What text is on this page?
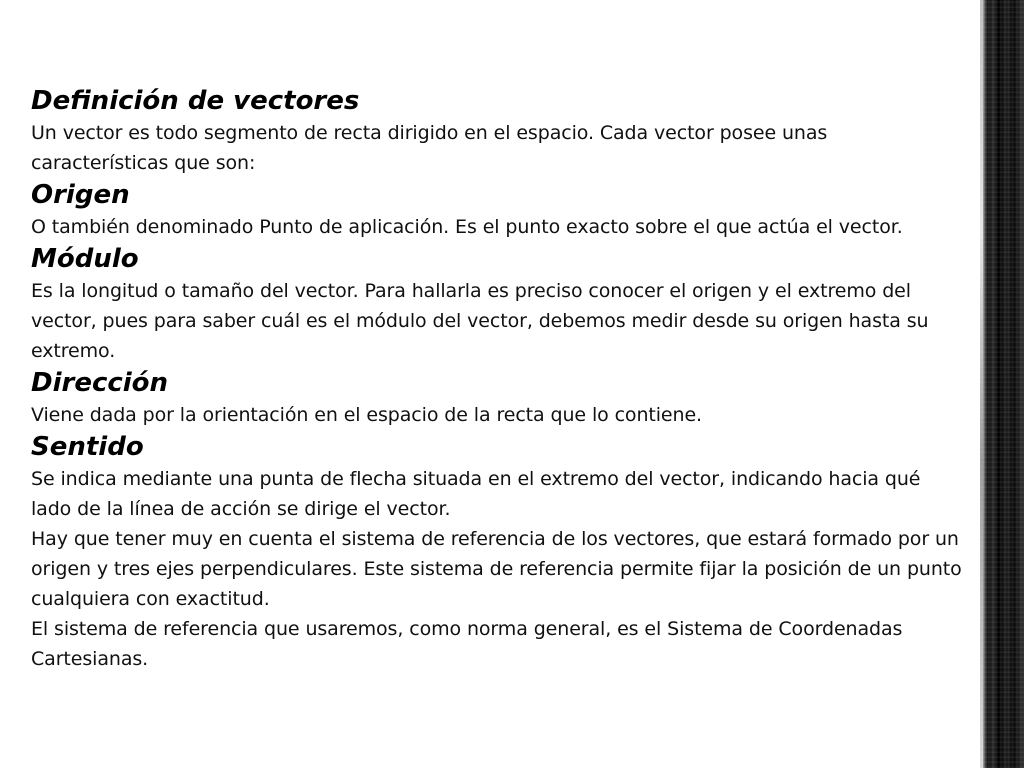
Definición de vectores

Un vector es todo segmento de recta dirigido en el espacio. Cada vector posee unas características que son:

Origen

O también denominado Punto de aplicación. Es el punto exacto sobre el que actúa el vector.

Módulo

Es la longitud o tamaño del vector. Para hallarla es preciso conocer el origen y el extremo del vector, pues para saber cuál es el módulo del vector, debemos medir desde su origen hasta su extremo.

Dirección

Viene dada por la orientación en el espacio de la recta que lo contiene.

Sentido

Se indica mediante una punta de flecha situada en el extremo del vector, indicando hacia qué lado de la línea de acción se dirige el vector.

Hay que tener muy en cuenta el sistema de referencia de los vectores, que estará formado por un origen y tres ejes perpendiculares. Este sistema de referencia permite fijar la posición de un punto cualquiera con exactitud.

El sistema de referencia que usaremos, como norma general, es el Sistema de Coordenadas Cartesianas.
